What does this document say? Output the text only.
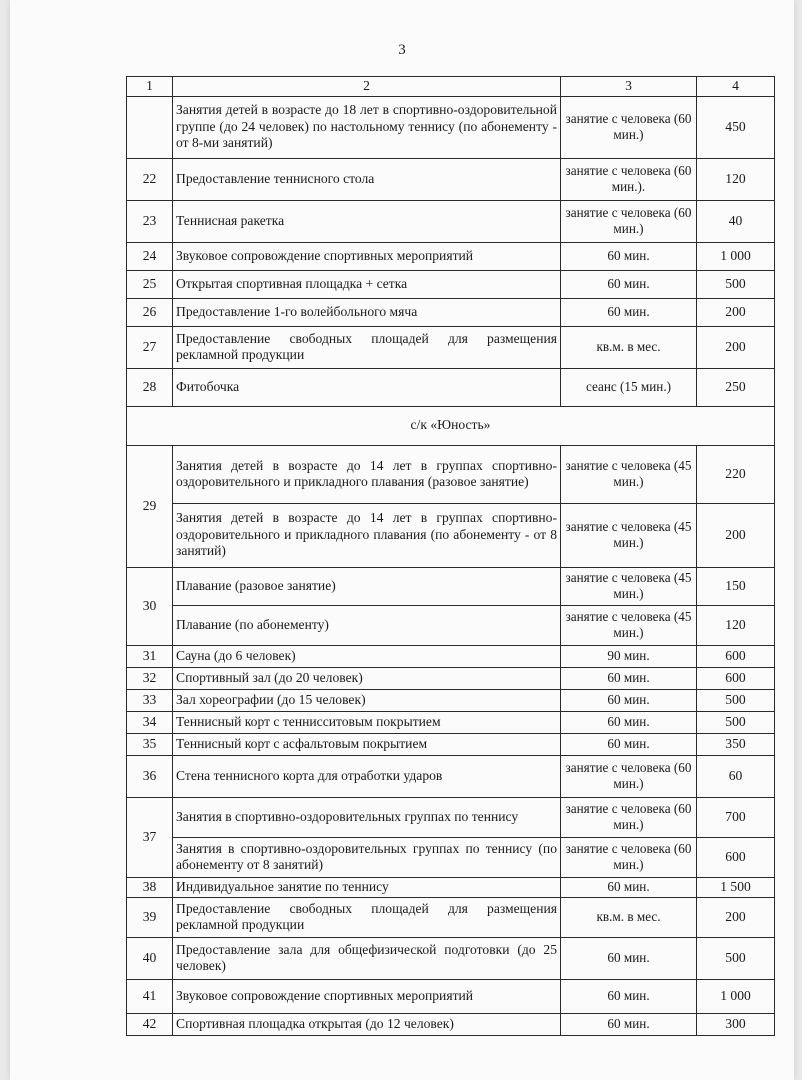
3
1	2	3	4
	Занятия детей в возрасте до 18 лет в спортивно-оздоровительной группе (до 24 человек) по настольному теннису (по абонементу - от 8-ми занятий)	занятие с человека (60 мин.)	450
22	Предоставление теннисного стола	занятие с человека (60 мин.).	120
23	Теннисная ракетка	занятие с человека (60 мин.)	40
24	Звуковое сопровождение спортивных мероприятий	60 мин.	1 000
25	Открытая спортивная площадка + сетка	60 мин.	500
26	Предоставление 1-го волейбольного мяча	60 мин.	200
27	Предоставление свободных площадей для размещения рекламной продукции	кв.м. в мес.	200
28	Фитобочка	сеанс (15 мин.)	250
с/к «Юность»			
29	Занятия детей в возрасте до 14 лет в группах спортивно-оздоровительного и прикладного плавания (разовое занятие)	занятие с человека (45 мин.)	220
	Занятия детей в возрасте до 14 лет в группах спортивно-оздоровительного и прикладного плавания (по абонементу - от 8 занятий)	занятие с человека (45 мин.)	200
30	Плавание (разовое занятие)	занятие с человека (45 мин.)	150
	Плавание (по абонементу)	занятие с человека (45 мин.)	120
31	Сауна (до 6 человек)	90 мин.	600
32	Спортивный зал (до 20 человек)	60 мин.	600
33	Зал хореографии (до 15 человек)	60 мин.	500
34	Теннисный корт с теннисситовым покрытием	60 мин.	500
35	Теннисный корт с асфальтовым покрытием	60 мин.	350
36	Стена теннисного корта для отработки ударов	занятие с человека (60 мин.)	60
37	Занятия в спортивно-оздоровительных группах по теннису	занятие с человека (60 мин.)	700
	Занятия в спортивно-оздоровительных группах по теннису (по абонементу от 8 занятий)	занятие с человека (60 мин.)	600
38	Индивидуальное занятие по теннису	60 мин.	1 500
39	Предоставление свободных площадей для размещения рекламной продукции	кв.м. в мес.	200
40	Предоставление зала для общефизической подготовки (до 25 человек)	60 мин.	500
41	Звуковое сопровождение спортивных мероприятий	60 мин.	1 000
42	Спортивная площадка открытая (до 12 человек)	60 мин.	300
